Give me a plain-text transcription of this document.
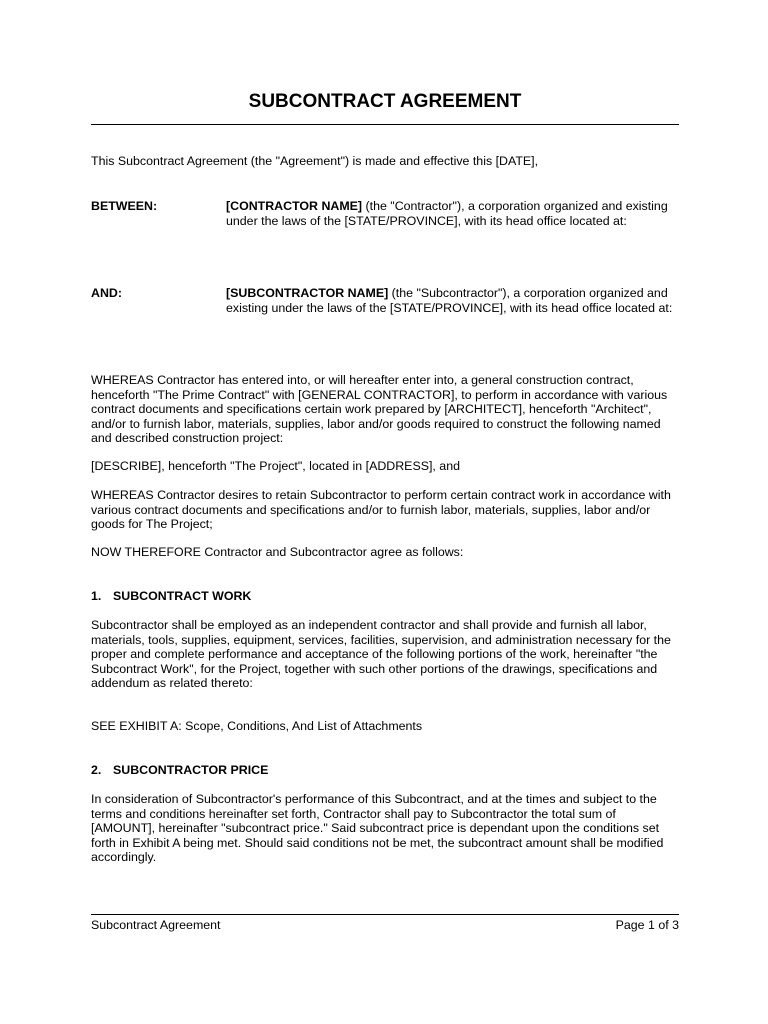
SUBCONTRACT AGREEMENT

This Subcontract Agreement (the "Agreement") is made and effective this [DATE],

BETWEEN:	[CONTRACTOR NAME] (the "Contractor"), a corporation organized and existing under the laws of the [STATE/PROVINCE], with its head office located at:
AND:	[SUBCONTRACTOR NAME] (the "Subcontractor"), a corporation organized and existing under the laws of the [STATE/PROVINCE], with its head office located at:

WHEREAS Contractor has entered into, or will hereafter enter into, a general construction contract, henceforth "The Prime Contract" with [GENERAL CONTRACTOR], to perform in accordance with various contract documents and specifications certain work prepared by [ARCHITECT], henceforth "Architect", and/or to furnish labor, materials, supplies, labor and/or goods required to construct the following named and described construction project:

[DESCRIBE], henceforth "The Project", located in [ADDRESS], and

WHEREAS Contractor desires to retain Subcontractor to perform certain contract work in accordance with various contract documents and specifications and/or to furnish labor, materials, supplies, labor and/or goods for The Project;

NOW THEREFORE Contractor and Subcontractor agree as follows:

1. SUBCONTRACT WORK

Subcontractor shall be employed as an independent contractor and shall provide and furnish all labor, materials, tools, supplies, equipment, services, facilities, supervision, and administration necessary for the proper and complete performance and acceptance of the following portions of the work, hereinafter "the Subcontract Work", for the Project, together with such other portions of the drawings, specifications and addendum as related thereto:

SEE EXHIBIT A: Scope, Conditions, And List of Attachments

2. SUBCONTRACTOR PRICE

In consideration of Subcontractor's performance of this Subcontract, and at the times and subject to the terms and conditions hereinafter set forth, Contractor shall pay to Subcontractor the total sum of [AMOUNT], hereinafter "subcontract price." Said subcontract price is dependant upon the conditions set forth in Exhibit A being met. Should said conditions not be met, the subcontract amount shall be modified accordingly.

Subcontract Agreement	Page 1 of 3
